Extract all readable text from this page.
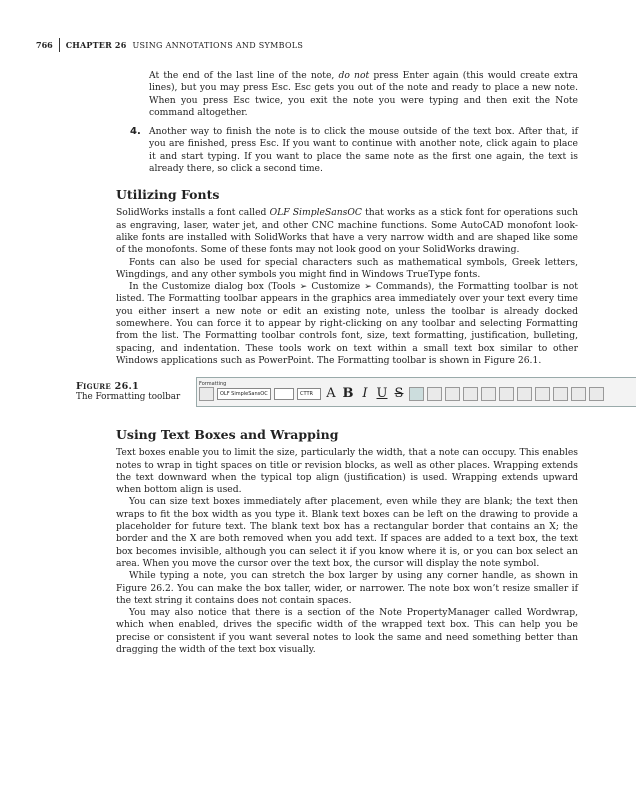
766 CHAPTER 26 USING ANNOTATIONS AND SYMBOLS

At the end of the last line of the note, do not press Enter again (this would create extra lines), but you may press Esc. Esc gets you out of the note and ready to place a new note. When you press Esc twice, you exit the note you were typing and then exit the Note command altogether.

4. Another way to finish the note is to click the mouse outside of the text box. After that, if you are finished, press Esc. If you want to continue with another note, click again to place it and start typing. If you want to place the same note as the first one again, the text is already there, so click a second time.

Utilizing Fonts

SolidWorks installs a font called OLF SimpleSansOC that works as a stick font for operations such as engraving, laser, water jet, and other CNC machine functions. Some AutoCAD monofont look-alike fonts are installed with SolidWorks that have a very narrow width and are shaped like some of the monofonts. Some of these fonts may not look good on your SolidWorks drawing.

Fonts can also be used for special characters such as mathematical symbols, Greek letters, Wingdings, and any other symbols you might find in Windows TrueType fonts.

In the Customize dialog box (Tools ➢ Customize ➢ Commands), the Formatting toolbar is not listed. The Formatting toolbar appears in the graphics area immediately over your text every time you either insert a new note or edit an existing note, unless the toolbar is already docked somewhere. You can force it to appear by right-clicking on any toolbar and selecting Formatting from the list. The Formatting toolbar controls font, size, text formatting, justification, bulleting, spacing, and indentation. These tools work on text within a small text box similar to other Windows applications such as PowerPoint. The Formatting toolbar is shown in Figure 26.1.

Figure 26.1
The Formatting toolbar
Formatting
OLF SimpleSansOC	CTTR	A B I U S
Using Text Boxes and Wrapping

Text boxes enable you to limit the size, particularly the width, that a note can occupy. This enables notes to wrap in tight spaces on title or revision blocks, as well as other places. Wrapping extends the text downward when the typical top align (justification) is used. Wrapping extends upward when bottom align is used.

You can size text boxes immediately after placement, even while they are blank; the text then wraps to fit the box width as you type it. Blank text boxes can be left on the drawing to provide a placeholder for future text. The blank text box has a rectangular border that contains an X; the border and the X are both removed when you add text. If spaces are added to a text box, the text box becomes invisible, although you can select it if you know where it is, or you can box select an area. When you move the cursor over the text box, the cursor will display the note symbol.

While typing a note, you can stretch the box larger by using any corner handle, as shown in Figure 26.2. You can make the box taller, wider, or narrower. The note box won’t resize smaller if the text string it contains does not contain spaces.

You may also notice that there is a section of the Note PropertyManager called Wordwrap, which when enabled, drives the specific width of the wrapped text box. This can help you be precise or consistent if you want several notes to look the same and need something better than dragging the width of the text box visually.
